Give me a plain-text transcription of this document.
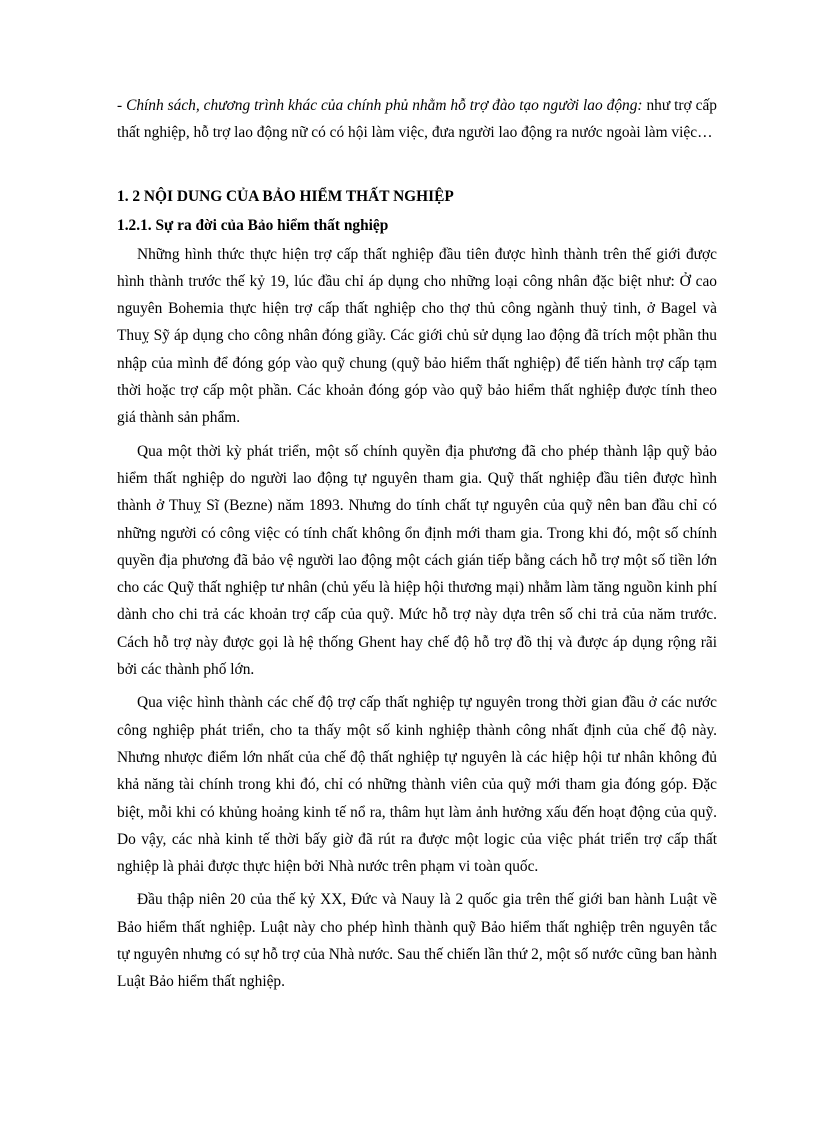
- Chính sách, chương trình khác của chính phủ nhằm hỗ trợ đào tạo người lao động: như trợ cấp thất nghiệp, hỗ trợ lao động nữ có có hội làm việc, đưa người lao động ra nước ngoài làm việc…

1. 2 NỘI DUNG CỦA BẢO HIỂM THẤT NGHIỆP
1.2.1. Sự ra đời của Bảo hiểm thất nghiệp

Những hình thức thực hiện trợ cấp thất nghiệp đầu tiên được hình thành trên thế giới được hình thành trước thế kỷ 19, lúc đầu chỉ áp dụng cho những loại công nhân đặc biệt như: Ở cao nguyên Bohemia thực hiện trợ cấp thất nghiệp cho thợ thủ công ngành thuỷ tinh, ở Bagel và Thuỵ Sỹ áp dụng cho công nhân đóng giầy. Các giới chủ sử dụng lao động đã trích một phần thu nhập của mình để đóng góp vào quỹ chung (quỹ bảo hiểm thất nghiệp) để tiến hành trợ cấp tạm thời hoặc trợ cấp một phần. Các khoản đóng góp vào quỹ bảo hiểm thất nghiệp được tính theo giá thành sản phẩm.

Qua một thời kỳ phát triển, một số chính quyền địa phương đã cho phép thành lập quỹ bảo hiểm thất nghiệp do người lao động tự nguyên tham gia. Quỹ thất nghiệp đầu tiên được hình thành ở Thuỵ Sĩ (Bezne) năm 1893. Nhưng do tính chất tự nguyên của quỹ nên ban đầu chỉ có những người có công việc có tính chất không ổn định mới tham gia. Trong khi đó, một số chính quyền địa phương đã bảo vệ người lao động một cách gián tiếp bằng cách hỗ trợ một số tiền lớn cho các Quỹ thất nghiệp tư nhân (chủ yếu là hiệp hội thương mại) nhằm làm tăng nguồn kinh phí dành cho chi trả các khoản trợ cấp của quỹ. Mức hỗ trợ này dựa trên số chi trả của năm trước. Cách hỗ trợ này được gọi là hệ thống Ghent hay chế độ hỗ trợ đồ thị và được áp dụng rộng rãi bởi các thành phố lớn.

Qua việc hình thành các chế độ trợ cấp thất nghiệp tự nguyên trong thời gian đầu ở các nước công nghiệp phát triển, cho ta thấy một số kinh nghiệp thành công nhất định của chế độ này. Nhưng nhược điểm lớn nhất của chế độ thất nghiệp tự nguyên là các hiệp hội tư nhân không đủ khả năng tài chính trong khi đó, chỉ có những thành viên của quỹ mới tham gia đóng góp. Đặc biệt, mỗi khi có khủng hoảng kinh tế nổ ra, thâm hụt làm ảnh hưởng xấu đến hoạt động của quỹ. Do vậy, các nhà kinh tế thời bấy giờ đã rút ra được một logic của việc phát triển trợ cấp thất nghiệp là phải được thực hiện bởi Nhà nước trên phạm vi toàn quốc.

Đầu thập niên 20 của thế kỷ XX, Đức và Nauy là 2 quốc gia trên thế giới ban hành Luật về Bảo hiểm thất nghiệp. Luật này cho phép hình thành quỹ Bảo hiểm thất nghiệp trên nguyên tắc tự nguyên nhưng có sự hỗ trợ của Nhà nước. Sau thế chiến lần thứ 2, một số nước cũng ban hành Luật Bảo hiểm thất nghiệp.
